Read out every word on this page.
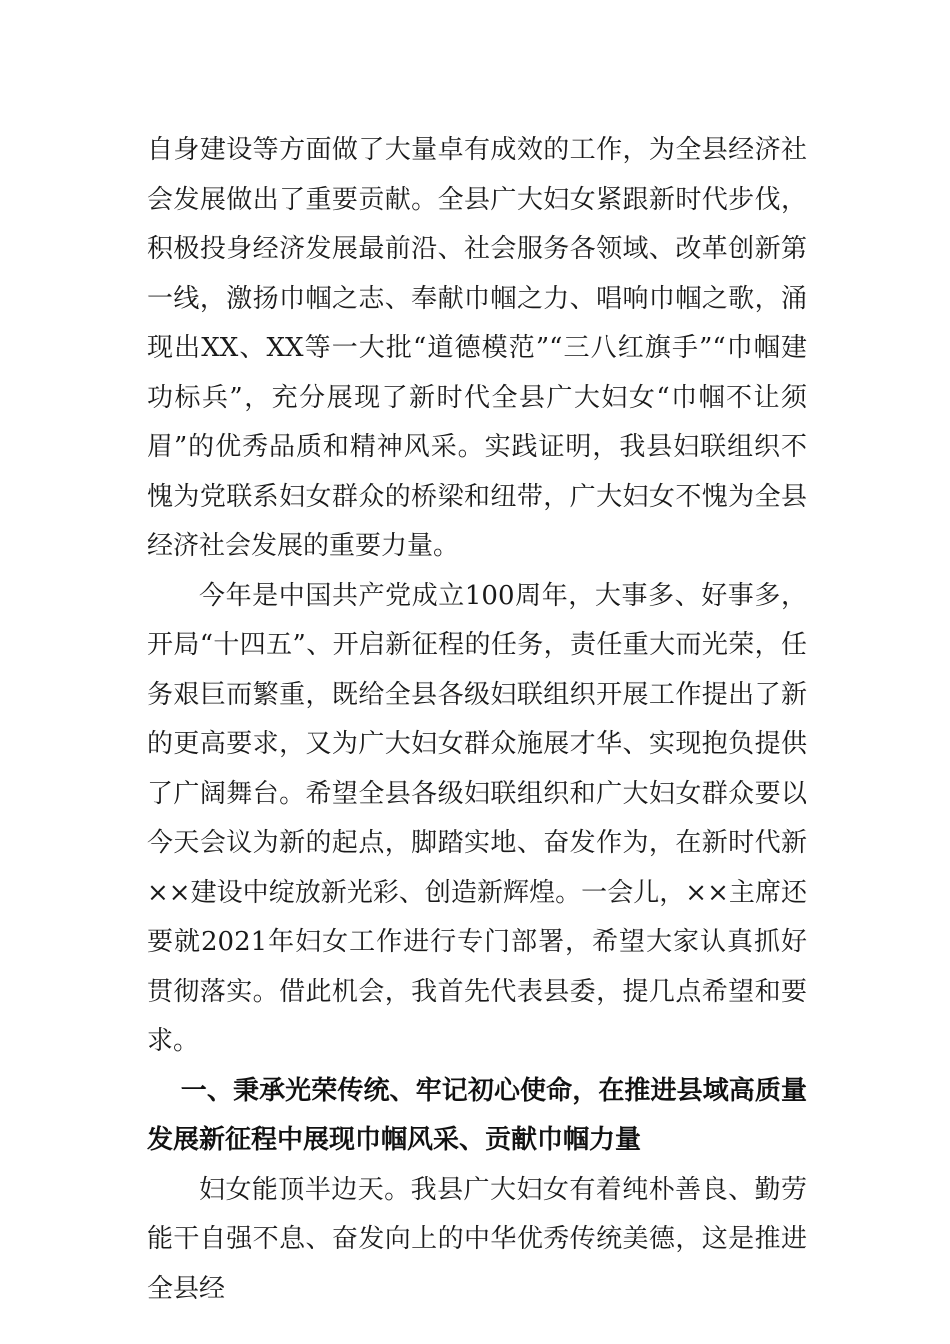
自身建设等方面做了大量卓有成效的工作，为全县经济社会发展做出了重要贡献。全县广大妇女紧跟新时代步伐，积极投身经济发展最前沿、社会服务各领域、改革创新第一线，激扬巾帼之志、奉献巾帼之力、唱响巾帼之歌，涌现出XX、XX等一大批“道德模范”“三八红旗手”“巾帼建功标兵”，充分展现了新时代全县广大妇女“巾帼不让须眉”的优秀品质和精神风采。实践证明，我县妇联组织不愧为党联系妇女群众的桥梁和纽带，广大妇女不愧为全县经济社会发展的重要力量。

今年是中国共产党成立100周年，大事多、好事多，开局“十四五”、开启新征程的任务，责任重大而光荣，任务艰巨而繁重，既给全县各级妇联组织开展工作提出了新的更高要求，又为广大妇女群众施展才华、实现抱负提供了广阔舞台。希望全县各级妇联组织和广大妇女群众要以今天会议为新的起点，脚踏实地、奋发作为，在新时代新××建设中绽放新光彩、创造新辉煌。一会儿，××主席还要就2021年妇女工作进行专门部署，希望大家认真抓好贯彻落实。借此机会，我首先代表县委，提几点希望和要求。

一、秉承光荣传统、牢记初心使命，在推进县域高质量发展新征程中展现巾帼风采、贡献巾帼力量

妇女能顶半边天。我县广大妇女有着纯朴善良、勤劳能干自强不息、奋发向上的中华优秀传统美德，这是推进全县经
